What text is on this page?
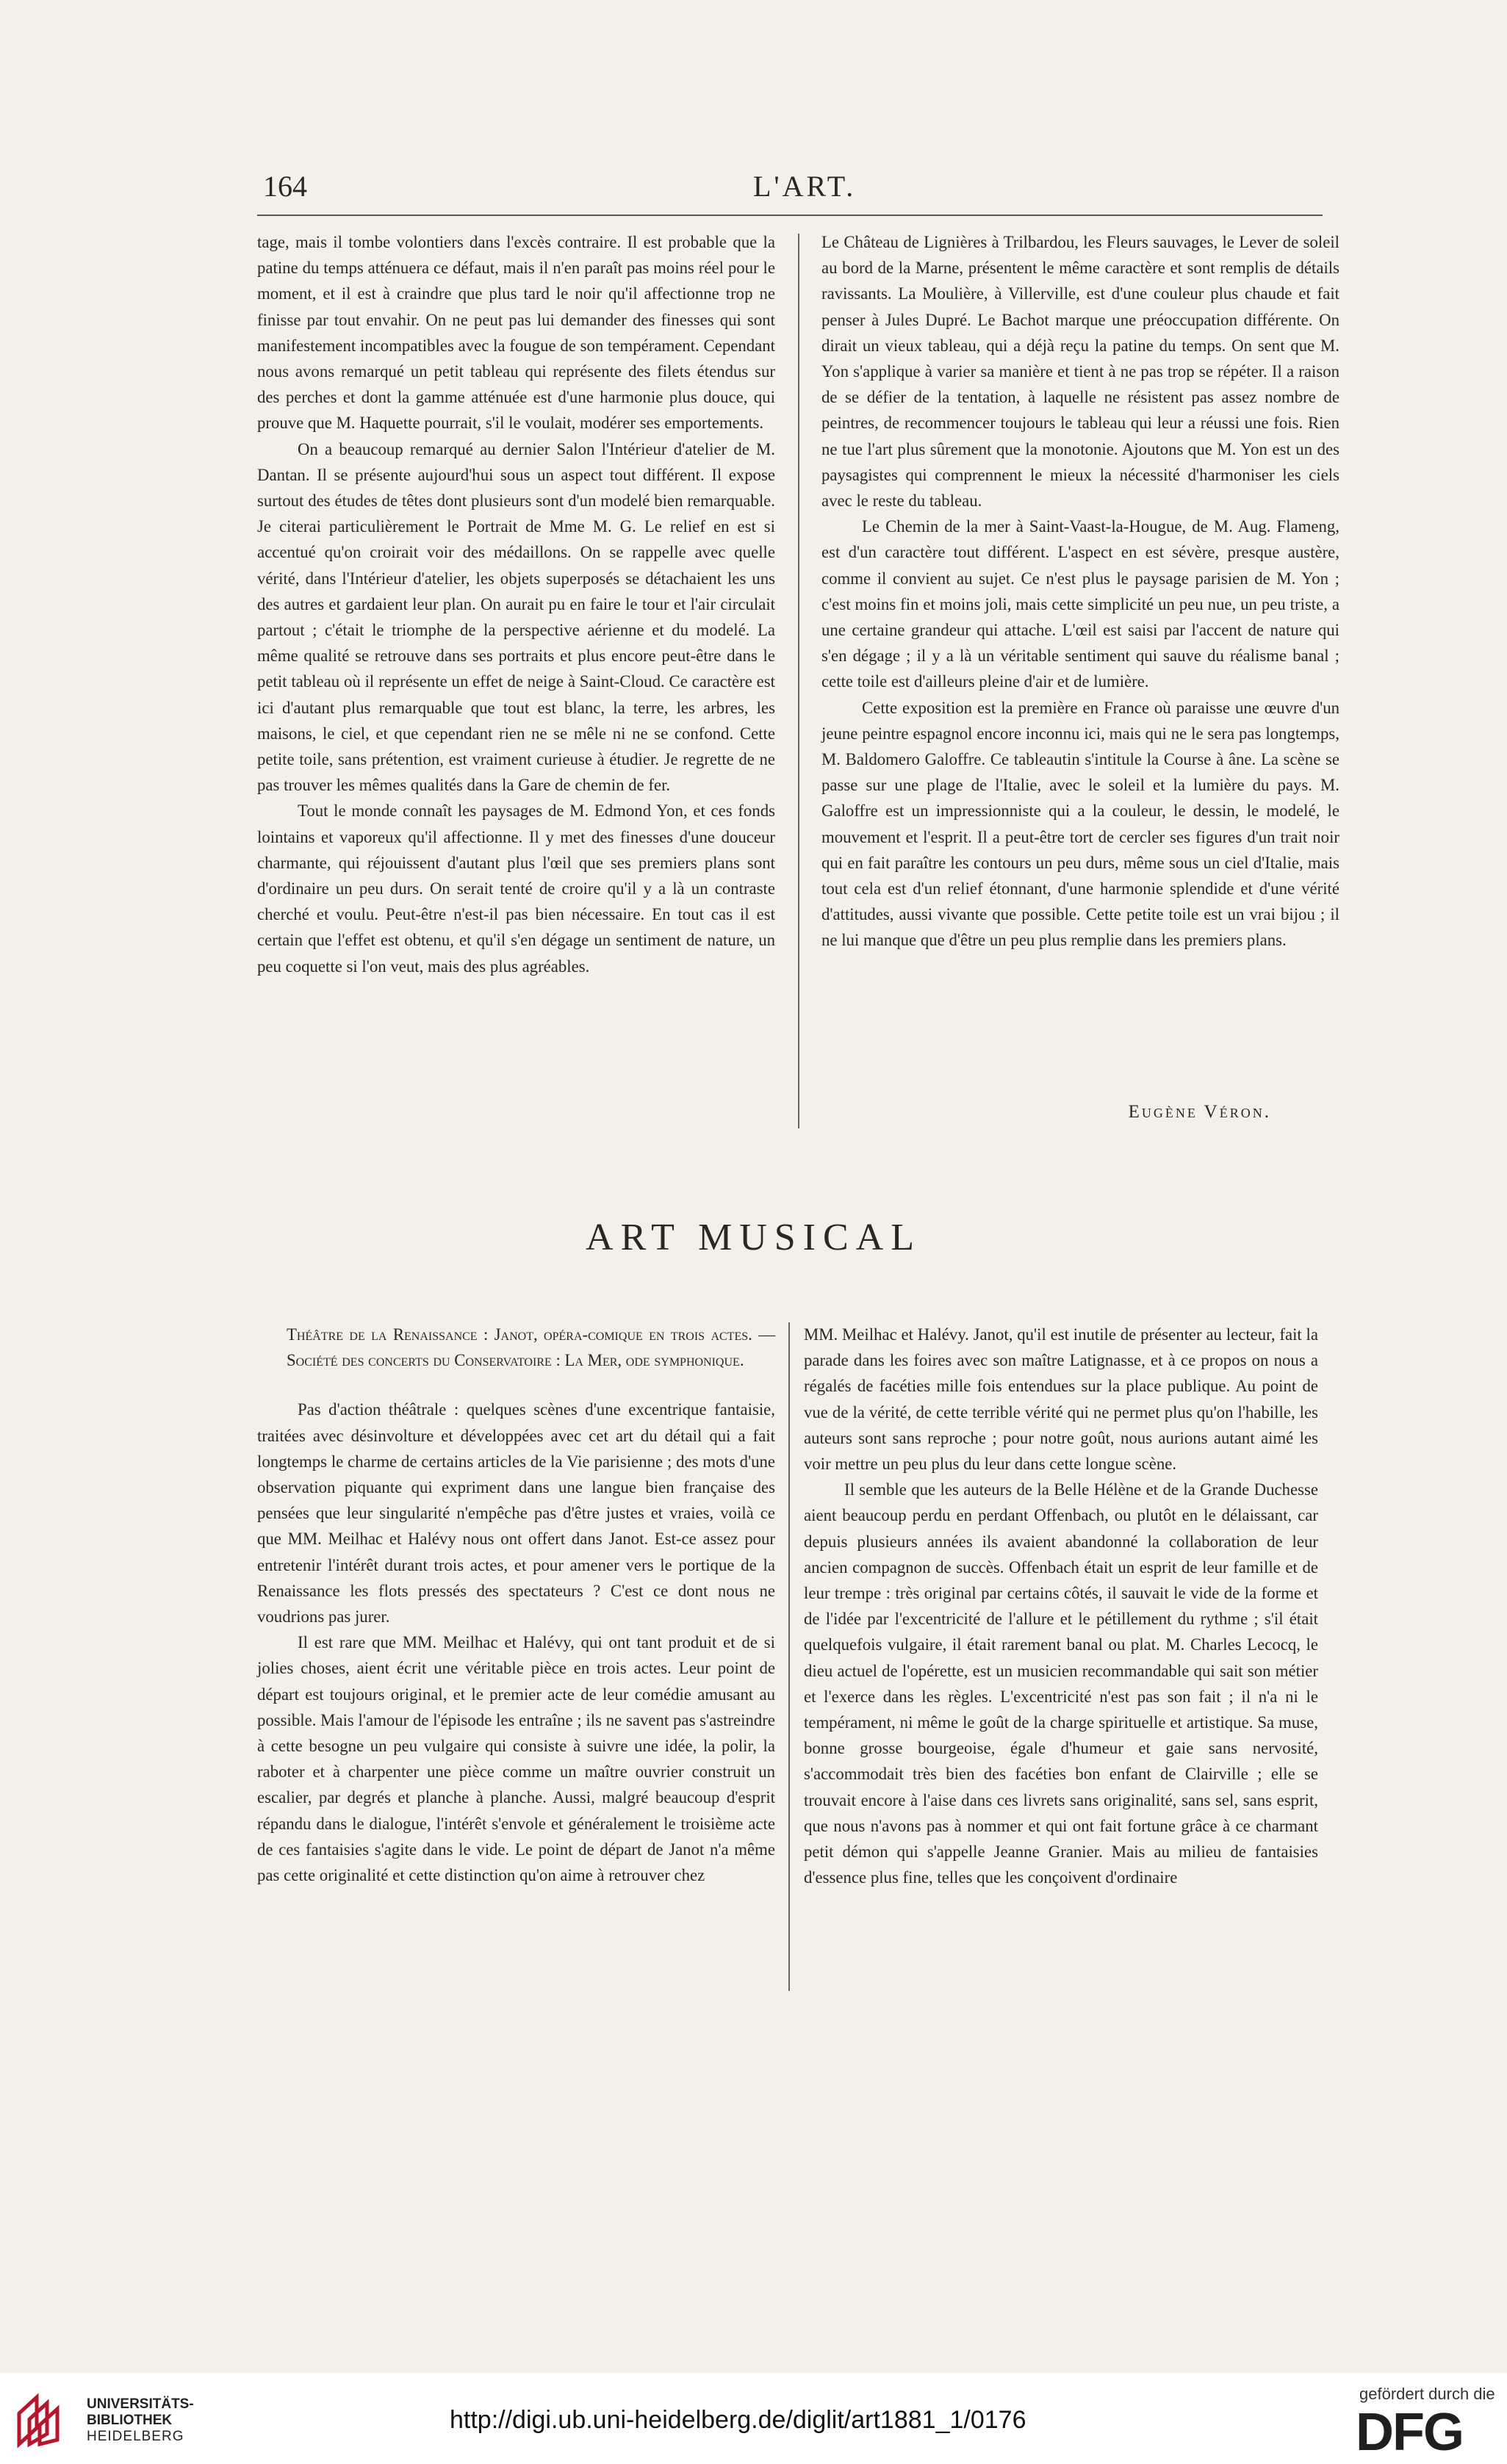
164	L'ART.

tage, mais il tombe volontiers dans l'excès contraire. Il est probable que la patine du temps atténuera ce défaut, mais il n'en paraît pas moins réel pour le moment, et il est à craindre que plus tard le noir qu'il affectionne trop ne finisse par tout envahir. On ne peut pas lui demander des finesses qui sont manifestement incompatibles avec la fougue de son tempérament. Cependant nous avons remarqué un petit tableau qui représente des filets étendus sur des perches et dont la gamme atténuée est d'une harmonie plus douce, qui prouve que M. Haquette pourrait, s'il le voulait, modérer ses emportements.

On a beaucoup remarqué au dernier Salon l'Intérieur d'atelier de M. Dantan. Il se présente aujourd'hui sous un aspect tout différent. Il expose surtout des études de têtes dont plusieurs sont d'un modelé bien remarquable. Je citerai particulièrement le Portrait de Mme M. G. Le relief en est si accentué qu'on croirait voir des médaillons. On se rappelle avec quelle vérité, dans l'Intérieur d'atelier, les objets superposés se détachaient les uns des autres et gardaient leur plan. On aurait pu en faire le tour et l'air circulait partout ; c'était le triomphe de la perspective aérienne et du modelé. La même qualité se retrouve dans ses portraits et plus encore peut-être dans le petit tableau où il représente un effet de neige à Saint-Cloud. Ce caractère est ici d'autant plus remarquable que tout est blanc, la terre, les arbres, les maisons, le ciel, et que cependant rien ne se mêle ni ne se confond. Cette petite toile, sans prétention, est vraiment curieuse à étudier. Je regrette de ne pas trouver les mêmes qualités dans la Gare de chemin de fer.

Tout le monde connaît les paysages de M. Edmond Yon, et ces fonds lointains et vaporeux qu'il affectionne. Il y met des finesses d'une douceur charmante, qui réjouissent d'autant plus l'œil que ses premiers plans sont d'ordinaire un peu durs. On serait tenté de croire qu'il y a là un contraste cherché et voulu. Peut-être n'est-il pas bien nécessaire. En tout cas il est certain que l'effet est obtenu, et qu'il s'en dégage un sentiment de nature, un peu coquette si l'on veut, mais des plus agréables.

Le Château de Lignières à Trilbardou, les Fleurs sauvages, le Lever de soleil au bord de la Marne, présentent le même caractère et sont remplis de détails ravissants. La Moulière, à Villerville, est d'une couleur plus chaude et fait penser à Jules Dupré. Le Bachot marque une préoccupation différente. On dirait un vieux tableau, qui a déjà reçu la patine du temps. On sent que M. Yon s'applique à varier sa manière et tient à ne pas trop se répéter. Il a raison de se défier de la tentation, à laquelle ne résistent pas assez nombre de peintres, de recommencer toujours le tableau qui leur a réussi une fois. Rien ne tue l'art plus sûrement que la monotonie. Ajoutons que M. Yon est un des paysagistes qui comprennent le mieux la nécessité d'harmoniser les ciels avec le reste du tableau.

Le Chemin de la mer à Saint-Vaast-la-Hougue, de M. Aug. Flameng, est d'un caractère tout différent. L'aspect en est sévère, presque austère, comme il convient au sujet. Ce n'est plus le paysage parisien de M. Yon ; c'est moins fin et moins joli, mais cette simplicité un peu nue, un peu triste, a une certaine grandeur qui attache. L'œil est saisi par l'accent de nature qui s'en dégage ; il y a là un véritable sentiment qui sauve du réalisme banal ; cette toile est d'ailleurs pleine d'air et de lumière.

Cette exposition est la première en France où paraisse une œuvre d'un jeune peintre espagnol encore inconnu ici, mais qui ne le sera pas longtemps, M. Baldomero Galoffre. Ce tableautin s'intitule la Course à âne. La scène se passe sur une plage de l'Italie, avec le soleil et la lumière du pays. M. Galoffre est un impressionniste qui a la couleur, le dessin, le modelé, le mouvement et l'esprit. Il a peut-être tort de cercler ses figures d'un trait noir qui en fait paraître les contours un peu durs, même sous un ciel d'Italie, mais tout cela est d'un relief étonnant, d'une harmonie splendide et d'une vérité d'attitudes, aussi vivante que possible. Cette petite toile est un vrai bijou ; il ne lui manque que d'être un peu plus remplie dans les premiers plans.

Eugène Véron.
ART MUSICAL

Théâtre de la Renaissance : Janot, opéra-comique en trois actes. — Société des concerts du Conservatoire : La Mer, ode symphonique.

Pas d'action théâtrale : quelques scènes d'une excentrique fantaisie, traitées avec désinvolture et développées avec cet art du détail qui a fait longtemps le charme de certains articles de la Vie parisienne ; des mots d'une observation piquante qui expriment dans une langue bien française des pensées que leur singularité n'empêche pas d'être justes et vraies, voilà ce que MM. Meilhac et Halévy nous ont offert dans Janot. Est-ce assez pour entretenir l'intérêt durant trois actes, et pour amener vers le portique de la Renaissance les flots pressés des spectateurs ? C'est ce dont nous ne voudrions pas jurer.

Il est rare que MM. Meilhac et Halévy, qui ont tant produit et de si jolies choses, aient écrit une véritable pièce en trois actes. Leur point de départ est toujours original, et le premier acte de leur comédie amusant au possible. Mais l'amour de l'épisode les entraîne ; ils ne savent pas s'astreindre à cette besogne un peu vulgaire qui consiste à suivre une idée, la polir, la raboter et à charpenter une pièce comme un maître ouvrier construit un escalier, par degrés et planche à planche. Aussi, malgré beaucoup d'esprit répandu dans le dialogue, l'intérêt s'envole et généralement le troisième acte de ces fantaisies s'agite dans le vide. Le point de départ de Janot n'a même pas cette originalité et cette distinction qu'on aime à retrouver chez

MM. Meilhac et Halévy. Janot, qu'il est inutile de présenter au lecteur, fait la parade dans les foires avec son maître Latignasse, et à ce propos on nous a régalés de facéties mille fois entendues sur la place publique. Au point de vue de la vérité, de cette terrible vérité qui ne permet plus qu'on l'habille, les auteurs sont sans reproche ; pour notre goût, nous aurions autant aimé les voir mettre un peu plus du leur dans cette longue scène.

Il semble que les auteurs de la Belle Hélène et de la Grande Duchesse aient beaucoup perdu en perdant Offenbach, ou plutôt en le délaissant, car depuis plusieurs années ils avaient abandonné la collaboration de leur ancien compagnon de succès. Offenbach était un esprit de leur famille et de leur trempe : très original par certains côtés, il sauvait le vide de la forme et de l'idée par l'excentricité de l'allure et le pétillement du rythme ; s'il était quelquefois vulgaire, il était rarement banal ou plat. M. Charles Lecocq, le dieu actuel de l'opérette, est un musicien recommandable qui sait son métier et l'exerce dans les règles. L'excentricité n'est pas son fait ; il n'a ni le tempérament, ni même le goût de la charge spirituelle et artistique. Sa muse, bonne grosse bourgeoise, égale d'humeur et gaie sans nervosité, s'accommodait très bien des facéties bon enfant de Clairville ; elle se trouvait encore à l'aise dans ces livrets sans originalité, sans sel, sans esprit, que nous n'avons pas à nommer et qui ont fait fortune grâce à ce charmant petit démon qui s'appelle Jeanne Granier. Mais au milieu de fantaisies d'essence plus fine, telles que les conçoivent d'ordinaire

UNIVERSITÄTS-
BIBLIOTHEK
HEIDELBERG
http://digi.ub.uni-heidelberg.de/diglit/art1881_1/0176
gefördert durch die
DFG
